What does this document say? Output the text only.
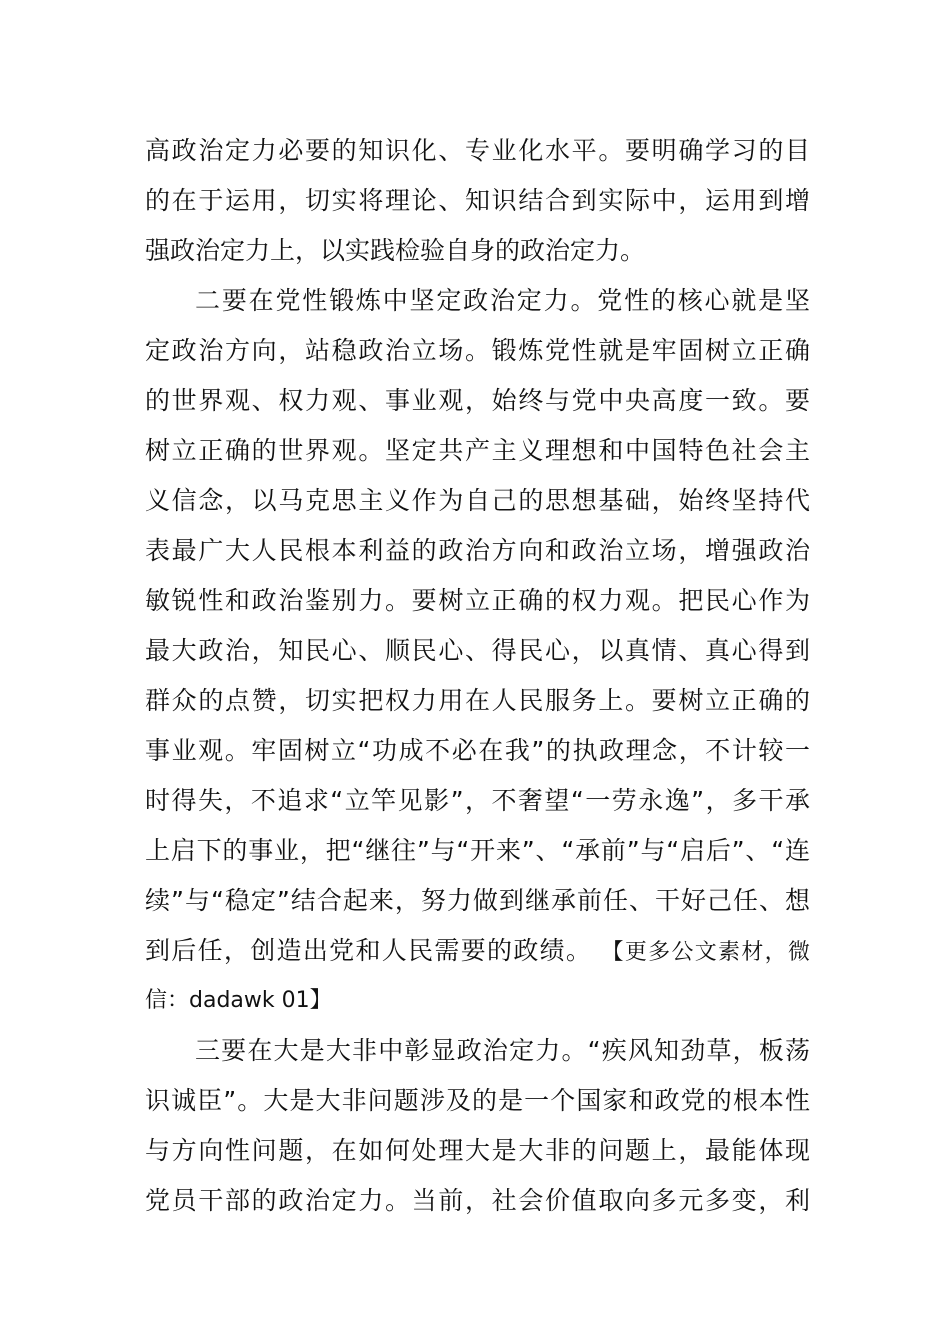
高政治定力必要的知识化、专业化水平。要明确学习的目
的在于运用，切实将理论、知识结合到实际中，运用到增
强政治定力上，以实践检验自身的政治定力。
二要在党性锻炼中坚定政治定力。党性的核心就是坚
定政治方向，站稳政治立场。锻炼党性就是牢固树立正确
的世界观、权力观、事业观，始终与党中央高度一致。要
树立正确的世界观。坚定共产主义理想和中国特色社会主
义信念，以马克思主义作为自己的思想基础，始终坚持代
表最广大人民根本利益的政治方向和政治立场，增强政治
敏锐性和政治鉴别力。要树立正确的权力观。把民心作为
最大政治，知民心、顺民心、得民心，以真情、真心得到
群众的点赞，切实把权力用在人民服务上。要树立正确的
事业观。牢固树立“功成不必在我”的执政理念，不计较一
时得失，不追求“立竿见影”，不奢望“一劳永逸”，多干承
上启下的事业，把“继往”与“开来”、“承前”与“启后”、“连
续”与“稳定”结合起来，努力做到继承前任、干好己任、想
到后任，创造出党和人民需要的政绩。 【更多公文素材，微
信：dadawk 01】
三要在大是大非中彰显政治定力。“疾风知劲草，板荡
识诚臣”。大是大非问题涉及的是一个国家和政党的根本性
与方向性问题，在如何处理大是大非的问题上，最能体现
党员干部的政治定力。当前，社会价值取向多元多变，利
